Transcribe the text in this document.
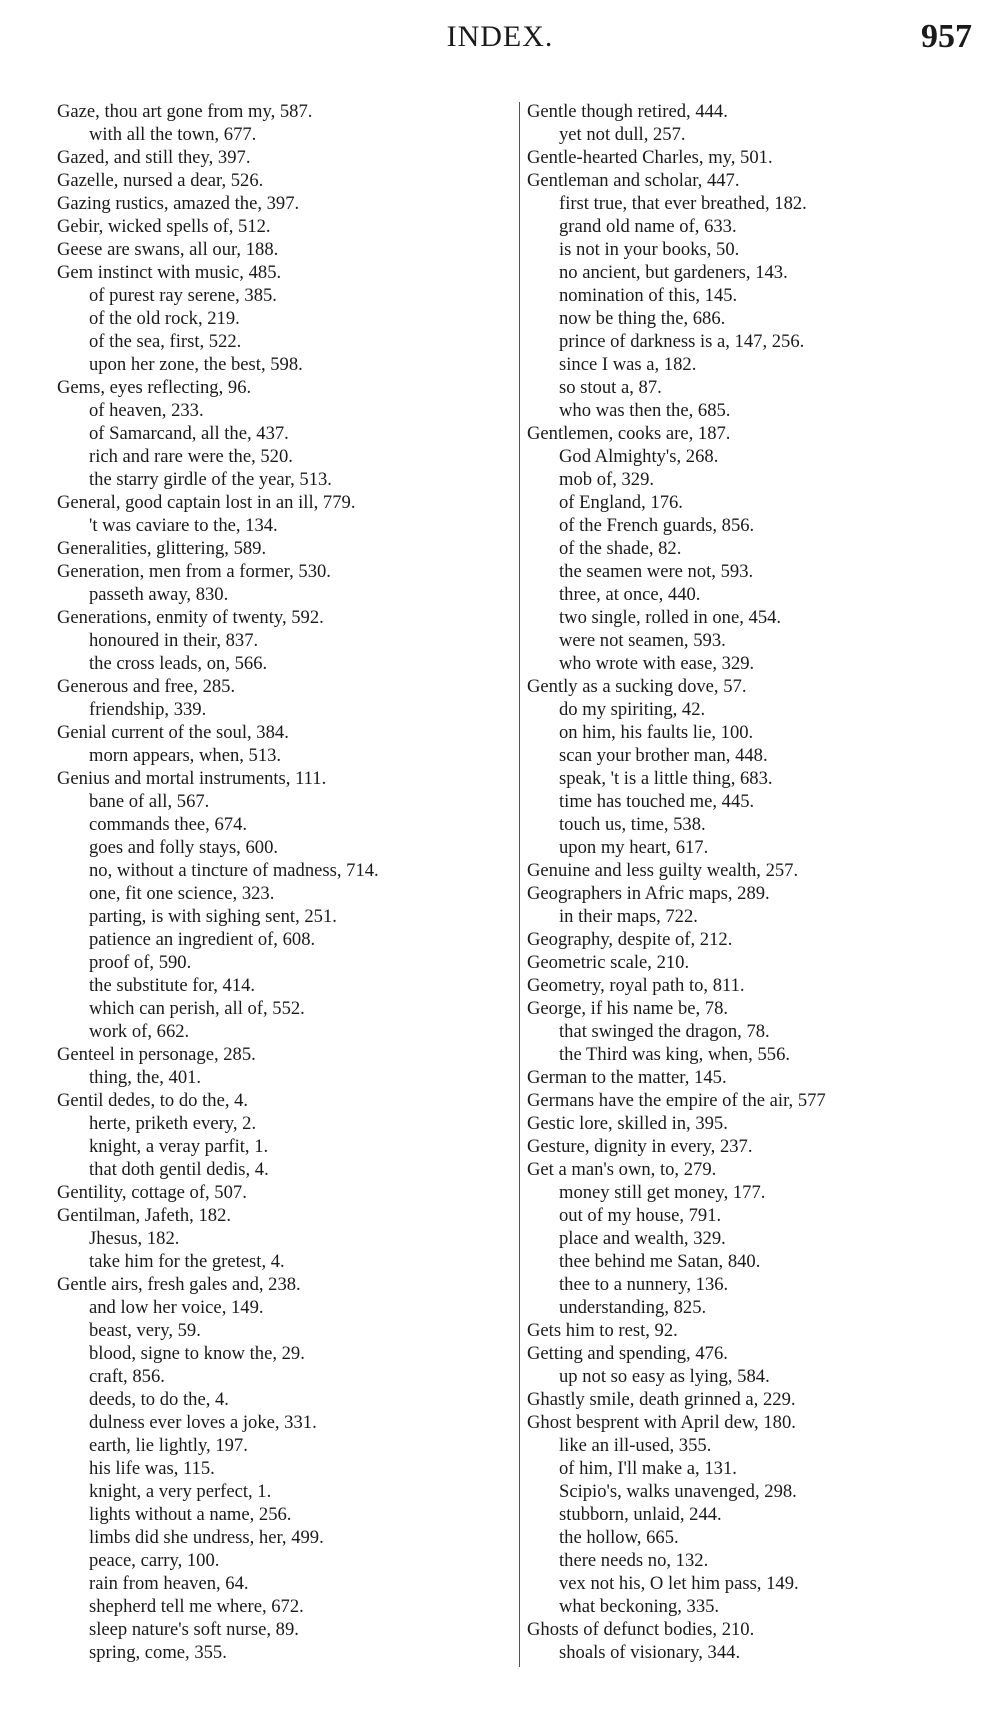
INDEX.	957
Gaze, thou art gone from my, 587.
with all the town, 677.
Gazed, and still they, 397.
Gazelle, nursed a dear, 526.
Gazing rustics, amazed the, 397.
Gebir, wicked spells of, 512.
Geese are swans, all our, 188.
Gem instinct with music, 485.
of purest ray serene, 385.
of the old rock, 219.
of the sea, first, 522.
upon her zone, the best, 598.
Gems, eyes reflecting, 96.
of heaven, 233.
of Samarcand, all the, 437.
rich and rare were the, 520.
the starry girdle of the year, 513.
General, good captain lost in an ill, 779.
't was caviare to the, 134.
Generalities, glittering, 589.
Generation, men from a former, 530.
passeth away, 830.
Generations, enmity of twenty, 592.
honoured in their, 837.
the cross leads, on, 566.
Generous and free, 285.
friendship, 339.
Genial current of the soul, 384.
morn appears, when, 513.
Genius and mortal instruments, 111.
bane of all, 567.
commands thee, 674.
goes and folly stays, 600.
no, without a tincture of madness, 714.
one, fit one science, 323.
parting, is with sighing sent, 251.
patience an ingredient of, 608.
proof of, 590.
the substitute for, 414.
which can perish, all of, 552.
work of, 662.
Genteel in personage, 285.
thing, the, 401.
Gentil dedes, to do the, 4.
herte, priketh every, 2.
knight, a veray parfit, 1.
that doth gentil dedis, 4.
Gentility, cottage of, 507.
Gentilman, Jafeth, 182.
Jhesus, 182.
take him for the gretest, 4.
Gentle airs, fresh gales and, 238.
and low her voice, 149.
beast, very, 59.
blood, signe to know the, 29.
craft, 856.
deeds, to do the, 4.
dulness ever loves a joke, 331.
earth, lie lightly, 197.
his life was, 115.
knight, a very perfect, 1.
lights without a name, 256.
limbs did she undress, her, 499.
peace, carry, 100.
rain from heaven, 64.
shepherd tell me where, 672.
sleep nature's soft nurse, 89.
spring, come, 355.
Gentle though retired, 444.
yet not dull, 257.
Gentle-hearted Charles, my, 501.
Gentleman and scholar, 447.
first true, that ever breathed, 182.
grand old name of, 633.
is not in your books, 50.
no ancient, but gardeners, 143.
nomination of this, 145.
now be thing the, 686.
prince of darkness is a, 147, 256.
since I was a, 182.
so stout a, 87.
who was then the, 685.
Gentlemen, cooks are, 187.
God Almighty's, 268.
mob of, 329.
of England, 176.
of the French guards, 856.
of the shade, 82.
the seamen were not, 593.
three, at once, 440.
two single, rolled in one, 454.
were not seamen, 593.
who wrote with ease, 329.
Gently as a sucking dove, 57.
do my spiriting, 42.
on him, his faults lie, 100.
scan your brother man, 448.
speak, 't is a little thing, 683.
time has touched me, 445.
touch us, time, 538.
upon my heart, 617.
Genuine and less guilty wealth, 257.
Geographers in Afric maps, 289.
in their maps, 722.
Geography, despite of, 212.
Geometric scale, 210.
Geometry, royal path to, 811.
George, if his name be, 78.
that swinged the dragon, 78.
the Third was king, when, 556.
German to the matter, 145.
Germans have the empire of the air, 577
Gestic lore, skilled in, 395.
Gesture, dignity in every, 237.
Get a man's own, to, 279.
money still get money, 177.
out of my house, 791.
place and wealth, 329.
thee behind me Satan, 840.
thee to a nunnery, 136.
understanding, 825.
Gets him to rest, 92.
Getting and spending, 476.
up not so easy as lying, 584.
Ghastly smile, death grinned a, 229.
Ghost besprent with April dew, 180.
like an ill-used, 355.
of him, I'll make a, 131.
Scipio's, walks unavenged, 298.
stubborn, unlaid, 244.
the hollow, 665.
there needs no, 132.
vex not his, O let him pass, 149.
what beckoning, 335.
Ghosts of defunct bodies, 210.
shoals of visionary, 344.
